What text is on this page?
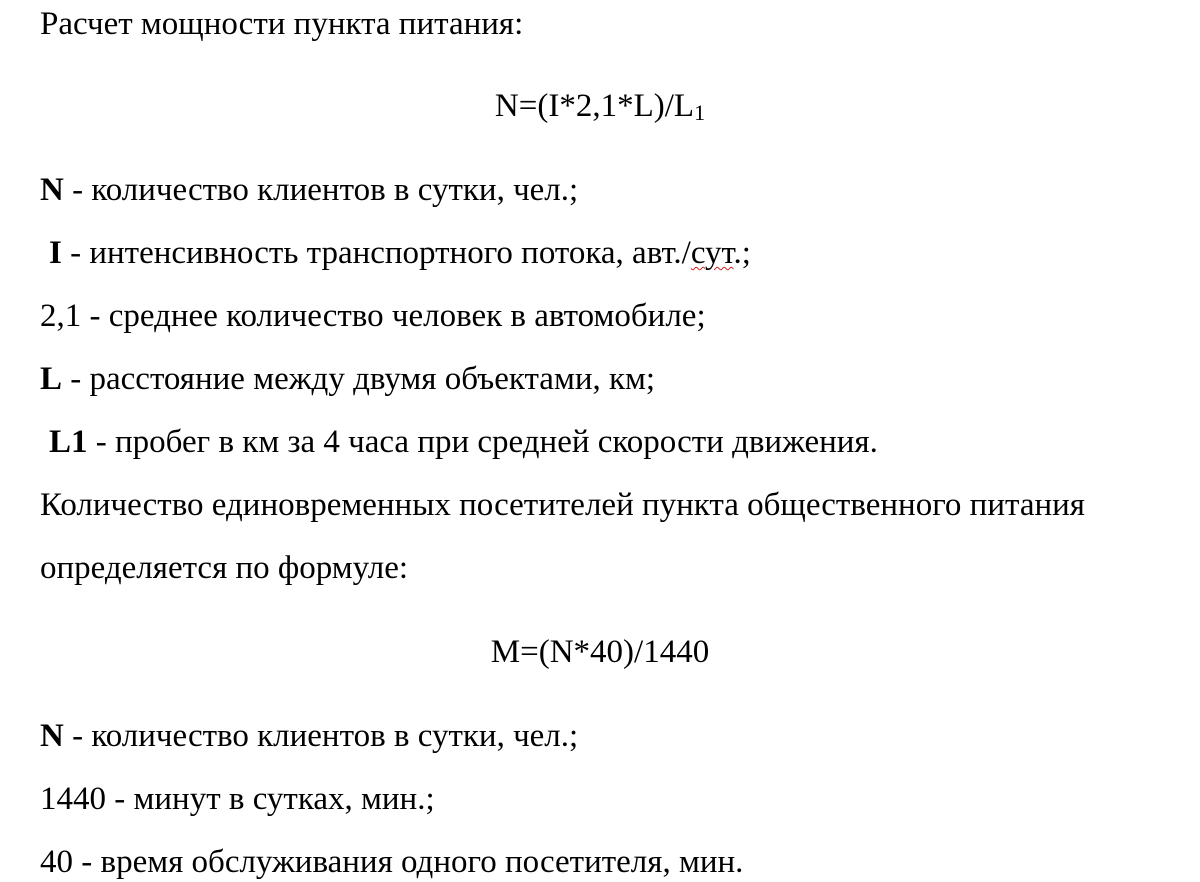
Расчет мощности пункта питания:
N=(I*2,1*L)/L1
N - количество клиентов в сутки, чел.;
I - интенсивность транспортного потока, авт./сут.;
2,1 - среднее количество человек в автомобиле;
L - расстояние между двумя объектами, км;
L1 - пробег в км за 4 часа при средней скорости движения.
Количество единовременных посетителей пункта общественного питания
определяется по формуле:
M=(N*40)/1440
N - количество клиентов в сутки, чел.;
1440 - минут в сутках, мин.;
40 - время обслуживания одного посетителя, мин.
